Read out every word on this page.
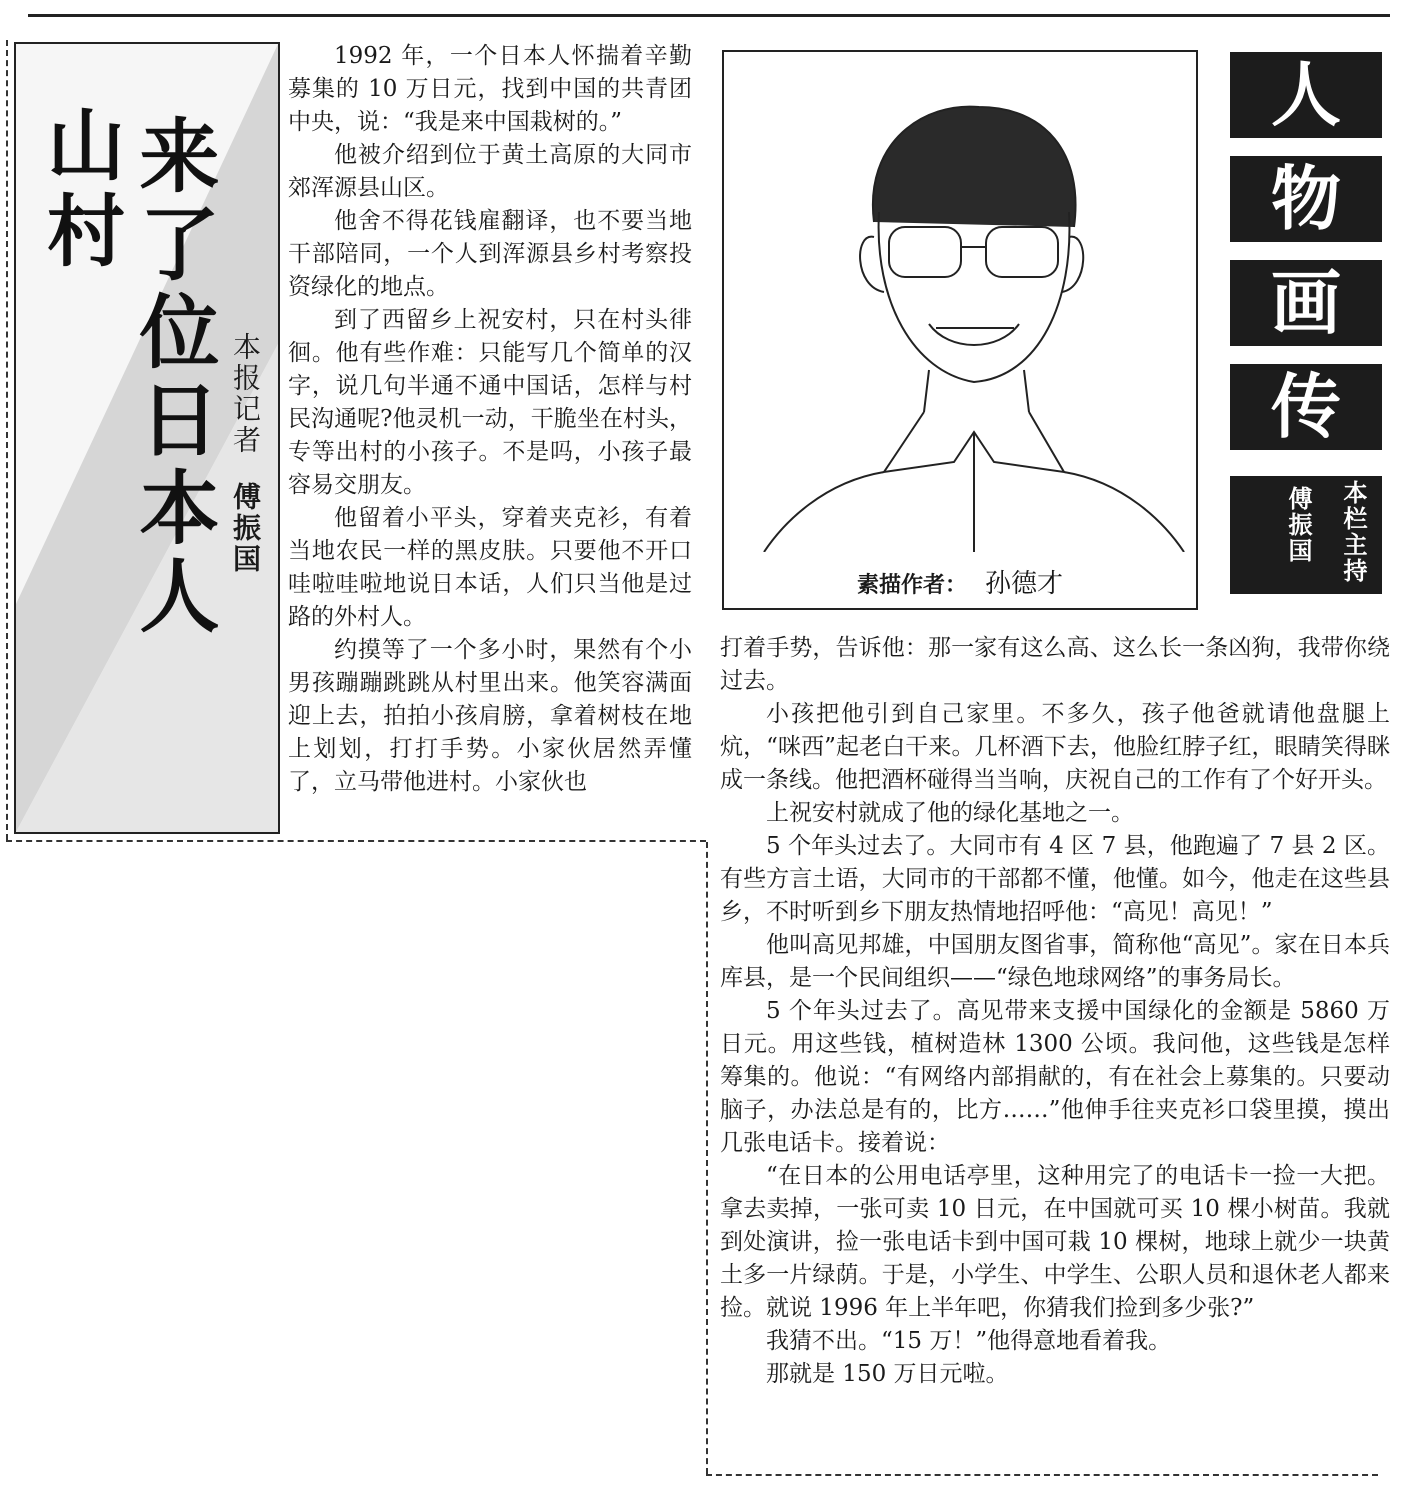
山村 来了位日本人 本报记者
傅振国

1992 年，一个日本人怀揣着辛勤募集的 10 万日元，找到中国的共青团中央，说：“我是来中国栽树的。”

他被介绍到位于黄土高原的大同市郊浑源县山区。

他舍不得花钱雇翻译，也不要当地干部陪同，一个人到浑源县乡村考察投资绿化的地点。

到了西留乡上祝安村，只在村头徘徊。他有些作难：只能写几个简单的汉字，说几句半通不通中国话，怎样与村民沟通呢?他灵机一动，干脆坐在村头，专等出村的小孩子。不是吗，小孩子最容易交朋友。

他留着小平头，穿着夹克衫，有着当地农民一样的黑皮肤。只要他不开口哇啦哇啦地说日本话，人们只当他是过路的外村人。

约摸等了一个多小时，果然有个小男孩蹦蹦跳跳从村里出来。他笑容满面迎上去，拍拍小孩肩膀，拿着树枝在地上划划，打打手势。小家伙居然弄懂了，立马带他进村。小家伙也

素描作者： 孙德才
人
物
画
传
本栏主持
傅振国

打着手势，告诉他：那一家有这么高、这么长一条凶狗，我带你绕过去。

小孩把他引到自己家里。不多久，孩子他爸就请他盘腿上炕，“咪西”起老白干来。几杯酒下去，他脸红脖子红，眼睛笑得眯成一条线。他把酒杯碰得当当响，庆祝自己的工作有了个好开头。

上祝安村就成了他的绿化基地之一。

5 个年头过去了。大同市有 4 区 7 县，他跑遍了 7 县 2 区。有些方言土语，大同市的干部都不懂，他懂。如今，他走在这些县乡，不时听到乡下朋友热情地招呼他：“高见！高见！”

他叫高见邦雄，中国朋友图省事，简称他“高见”。家在日本兵库县，是一个民间组织——“绿色地球网络”的事务局长。

5 个年头过去了。高见带来支援中国绿化的金额是 5860 万日元。用这些钱，植树造林 1300 公顷。我问他，这些钱是怎样筹集的。他说：“有网络内部捐献的，有在社会上募集的。只要动脑子，办法总是有的，比方……”他伸手往夹克衫口袋里摸，摸出几张电话卡。接着说：

“在日本的公用电话亭里，这种用完了的电话卡一捡一大把。拿去卖掉，一张可卖 10 日元，在中国就可买 10 棵小树苗。我就到处演讲，捡一张电话卡到中国可栽 10 棵树，地球上就少一块黄土多一片绿荫。于是，小学生、中学生、公职人员和退休老人都来捡。就说 1996 年上半年吧，你猜我们捡到多少张?”

我猜不出。“15 万！”他得意地看着我。

那就是 150 万日元啦。
